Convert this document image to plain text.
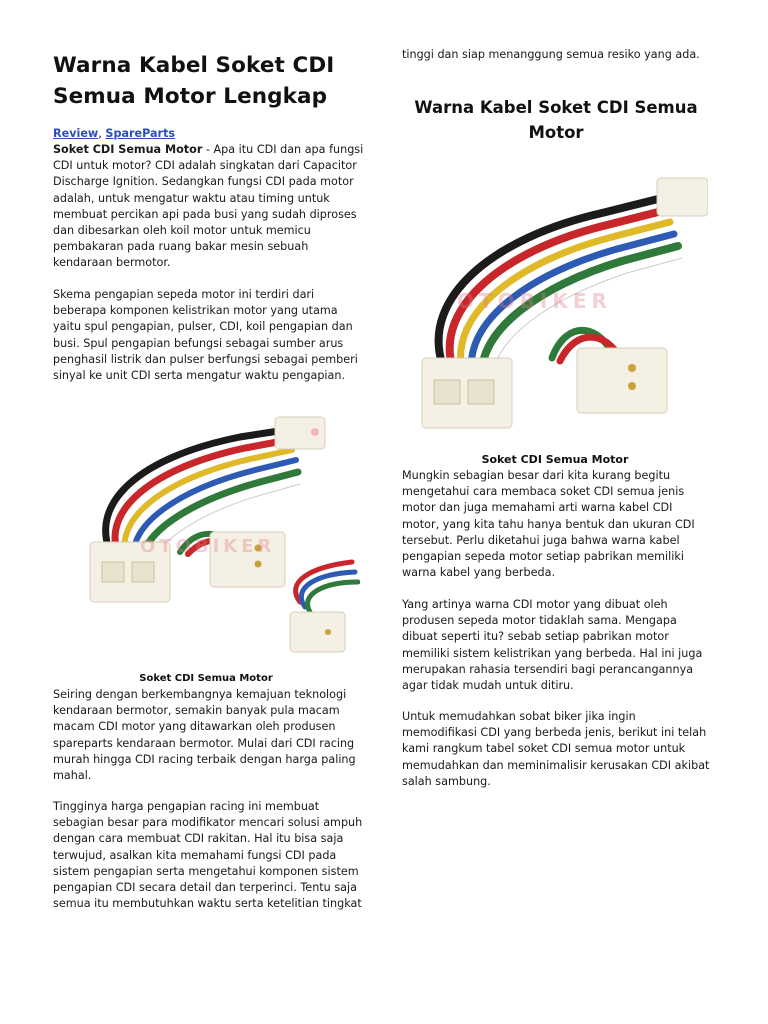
Warna Kabel Soket CDI Semua Motor Lengkap
Review, SpareParts

Soket CDI Semua Motor - Apa itu CDI dan apa fungsi CDI untuk motor? CDI adalah singkatan dari Capacitor Discharge Ignition. Sedangkan fungsi CDI pada motor adalah, untuk mengatur waktu atau timing untuk membuat percikan api pada busi yang sudah diproses dan dibesarkan oleh koil motor untuk memicu pembakaran pada ruang bakar mesin sebuah kendaraan bermotor.

Skema pengapian sepeda motor ini terdiri dari beberapa komponen kelistrikan motor yang utama yaitu spul pengapian, pulser, CDI, koil pengapian dan busi. Spul pengapian befungsi sebagai sumber arus penghasil listrik dan pulser berfungsi sebagai pemberi sinyal ke unit CDI serta mengatur waktu pengapian.

OTOBIKER
Soket CDI Semua Motor

Seiring dengan berkembangnya kemajuan teknologi kendaraan bermotor, semakin banyak pula macam macam CDI motor yang ditawarkan oleh produsen spareparts kendaraan bermotor. Mulai dari CDI racing murah hingga CDI racing terbaik dengan harga paling mahal.

Tingginya harga pengapian racing ini membuat sebagian besar para modifikator mencari solusi ampuh dengan cara membuat CDI rakitan. Hal itu bisa saja terwujud, asalkan kita memahami fungsi CDI pada sistem pengapian serta mengetahui komponen sistem pengapian CDI secara detail dan terperinci. Tentu saja semua itu membutuhkan waktu serta ketelitian tingkat

tinggi dan siap menanggung semua resiko yang ada.

Warna Kabel Soket CDI Semua Motor
OTOBIKER
Soket CDI Semua Motor

Mungkin sebagian besar dari kita kurang begitu mengetahui cara membaca soket CDI semua jenis motor dan juga memahami arti warna kabel CDI motor, yang kita tahu hanya bentuk dan ukuran CDI tersebut. Perlu diketahui juga bahwa warna kabel pengapian sepeda motor setiap pabrikan memiliki warna kabel yang berbeda.

Yang artinya warna CDI motor yang dibuat oleh produsen sepeda motor tidaklah sama. Mengapa dibuat seperti itu? sebab setiap pabrikan motor memiliki sistem kelistrikan yang berbeda. Hal ini juga merupakan rahasia tersendiri bagi perancangannya agar tidak mudah untuk ditiru.

Untuk memudahkan sobat biker jika ingin memodifikasi CDI yang berbeda jenis, berikut ini telah kami rangkum tabel soket CDI semua motor untuk memudahkan dan meminimalisir kerusakan CDI akibat salah sambung.
